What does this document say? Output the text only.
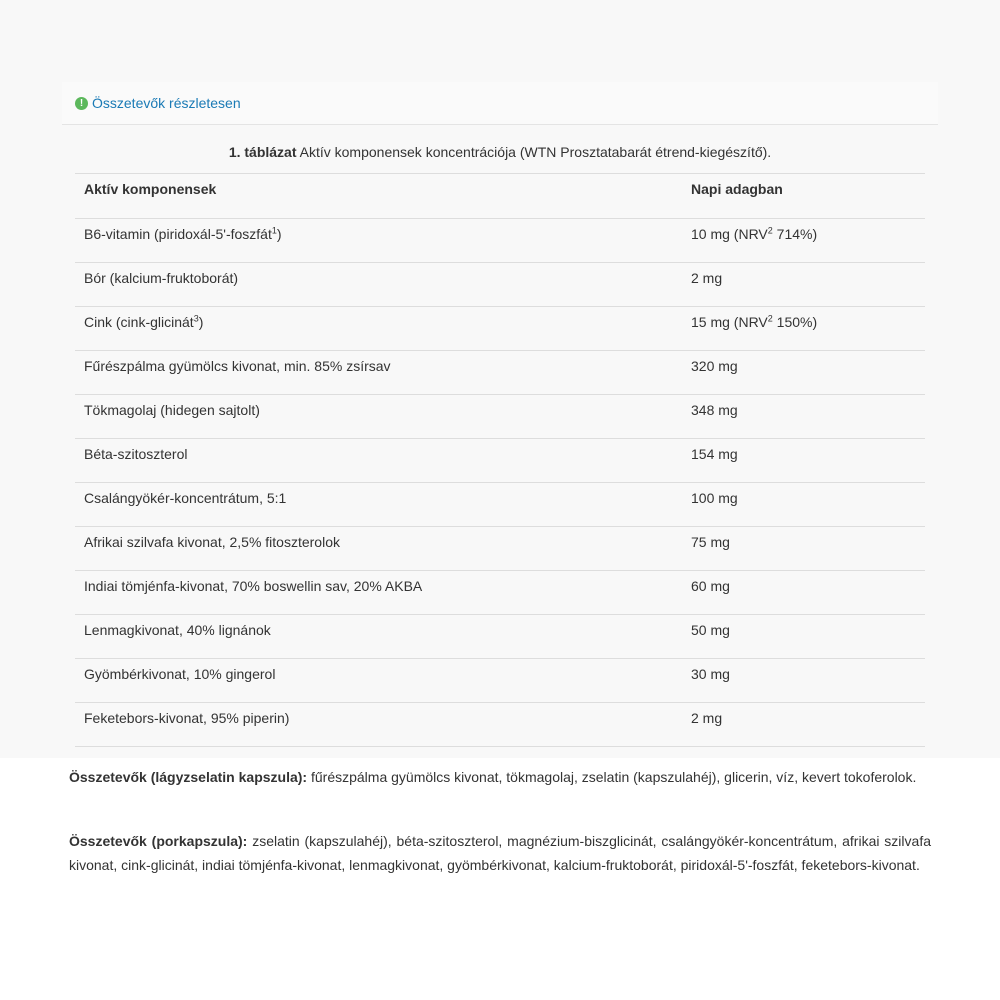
! Összetevők részletesen
1. táblázat Aktív komponensek koncentrációja (WTN Prosztatabarát étrend-kiegészítő).
Aktív komponensek	Napi adagban
B6-vitamin (piridoxál-5'-foszfát$^1$)	10 mg (NRV$^2$ 714%)
Bór (kalcium-fruktoborát)	2 mg
Cink (cink-glicinát$^3$)	15 mg (NRV$^2$ 150%)
Fűrészpálma gyümölcs kivonat, min. 85% zsírsav	320 mg
Tökmagolaj (hidegen sajtolt)	348 mg
Béta-szitoszterol	154 mg
Csalángyökér-koncentrátum, 5:1	100 mg
Afrikai szilvafa kivonat, 2,5% fitoszterolok	75 mg
Indiai tömjénfa-kivonat, 70% boswellin sav, 20% AKBA	60 mg
Lenmagkivonat, 40% lignánok	50 mg
Gyömbérkivonat, 10% gingerol	30 mg
Feketebors-kivonat, 95% piperin)	2 mg
Összetevők (lágyzselatin kapszula): fűrészpálma gyümölcs kivonat, tökmagolaj, zselatin (kapszulahéj), glicerin, víz, kevert tokoferolok.
Összetevők (porkapszula): zselatin (kapszulahéj), béta-szitoszterol, magnézium-biszglicinát, csalángyökér-koncentrátum, afrikai szilvafa kivonat, cink-glicinát, indiai tömjénfa-kivonat, lenmagkivonat, gyömbérkivonat, kalcium-fruktoborát, piridoxál-5'-foszfát, feketebors-kivonat.
